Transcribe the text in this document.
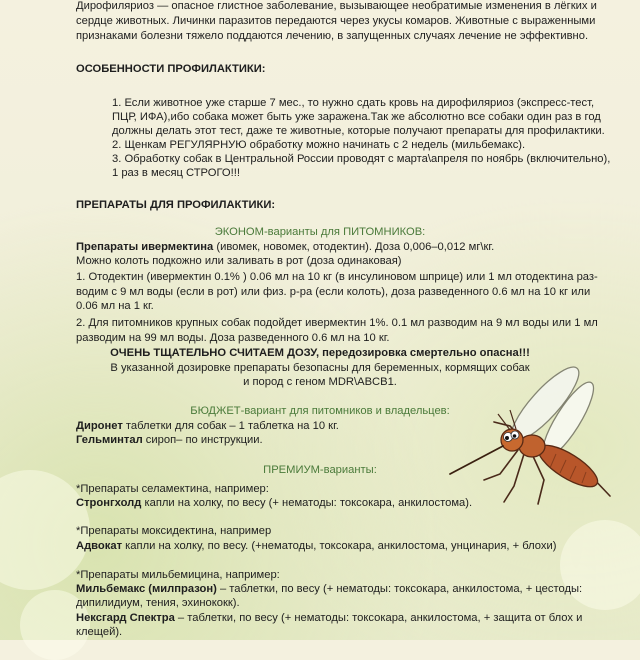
Дирофиляриоз — опасное глистное заболевание, вызывающее необратимые изменения в лёгких и
сердце животных. Личинки паразитов передаются через укусы комаров. Животные с выраженными
признаками болезни тяжело поддаются лечению, в запущенных случаях лечение не эффективно.
ОСОБЕННОСТИ ПРОФИЛАКТИКИ:
1. Если животное уже старше 7 мес., то нужно сдать кровь на дирофиляриоз (экспресс-тест,
ПЦР, ИФА),ибо собака может быть уже заражена.Так же абсолютно все собаки один раз в год
должны делать этот тест, даже те животные, которые получают препараты для профилактики.
2. Щенкам РЕГУЛЯРНУЮ обработку можно начинать с 2 недель (мильбемакс).
3. Обработку собак в Центральной России проводят с марта\апреля по ноябрь (включительно),
1 раз в месяц СТРОГО!!!
ПРЕПАРАТЫ ДЛЯ ПРОФИЛАКТИКИ:
ЭКОНОМ-варианты для ПИТОМНИКОВ:
Препараты ивермектина (ивомек, новомек, отодектин). Доза 0,006–0,012 мг\кг.
Можно колоть подкожно или заливать в рот (доза одинаковая)
1. Отодектин (ивермектин 0.1% ) 0.06 мл на 10 кг (в инсулиновом шприце) или 1 мл отодектина раз-
водим с 9 мл воды (если в рот) или физ. р-ра (если колоть), доза разведенного 0.6 мл на 10 кг или
0.06 мл на 1 кг.
2. Для питомников крупных собак подойдет ивермектин 1%. 0.1 мл разводим на 9 мл воды или 1 мл
разводим на 99 мл воды. Доза разведенного 0.6 мл на 10 кг.
ОЧЕНЬ ТЩАТЕЛЬНО СЧИТАЕМ ДОЗУ, передозировка смертельно опасна!!!
В указанной дозировке препараты безопасны для беременных, кормящих собак
и пород с геном MDR\ABCB1.
БЮДЖЕТ-вариант для питомников и владельцев:
Диронет таблетки для собак – 1 таблетка на 10 кг.
Гельминтал сироп– по инструкции.
ПРЕМИУМ-варианты:
*Препараты селамектина, например:
Стронгхолд капли на холку, по весу (+ нематоды: токсокара, анкилостома).
*Препараты моксидектина, например
Адвокат капли на холку, по весу. (+нематоды, токсокара, анкилостома, унцинария, + блохи)
*Препараты мильбемицина, например:
Мильбемакс (милпразон) – таблетки, по весу (+ нематоды: токсокара, анкилостома, + цестоды:
дипилидиум, тения, эхинококк).
Нексгард Спектра – таблетки, по весу (+ нематоды: токсокара, анкилостома, + защита от блох и
клещей).
